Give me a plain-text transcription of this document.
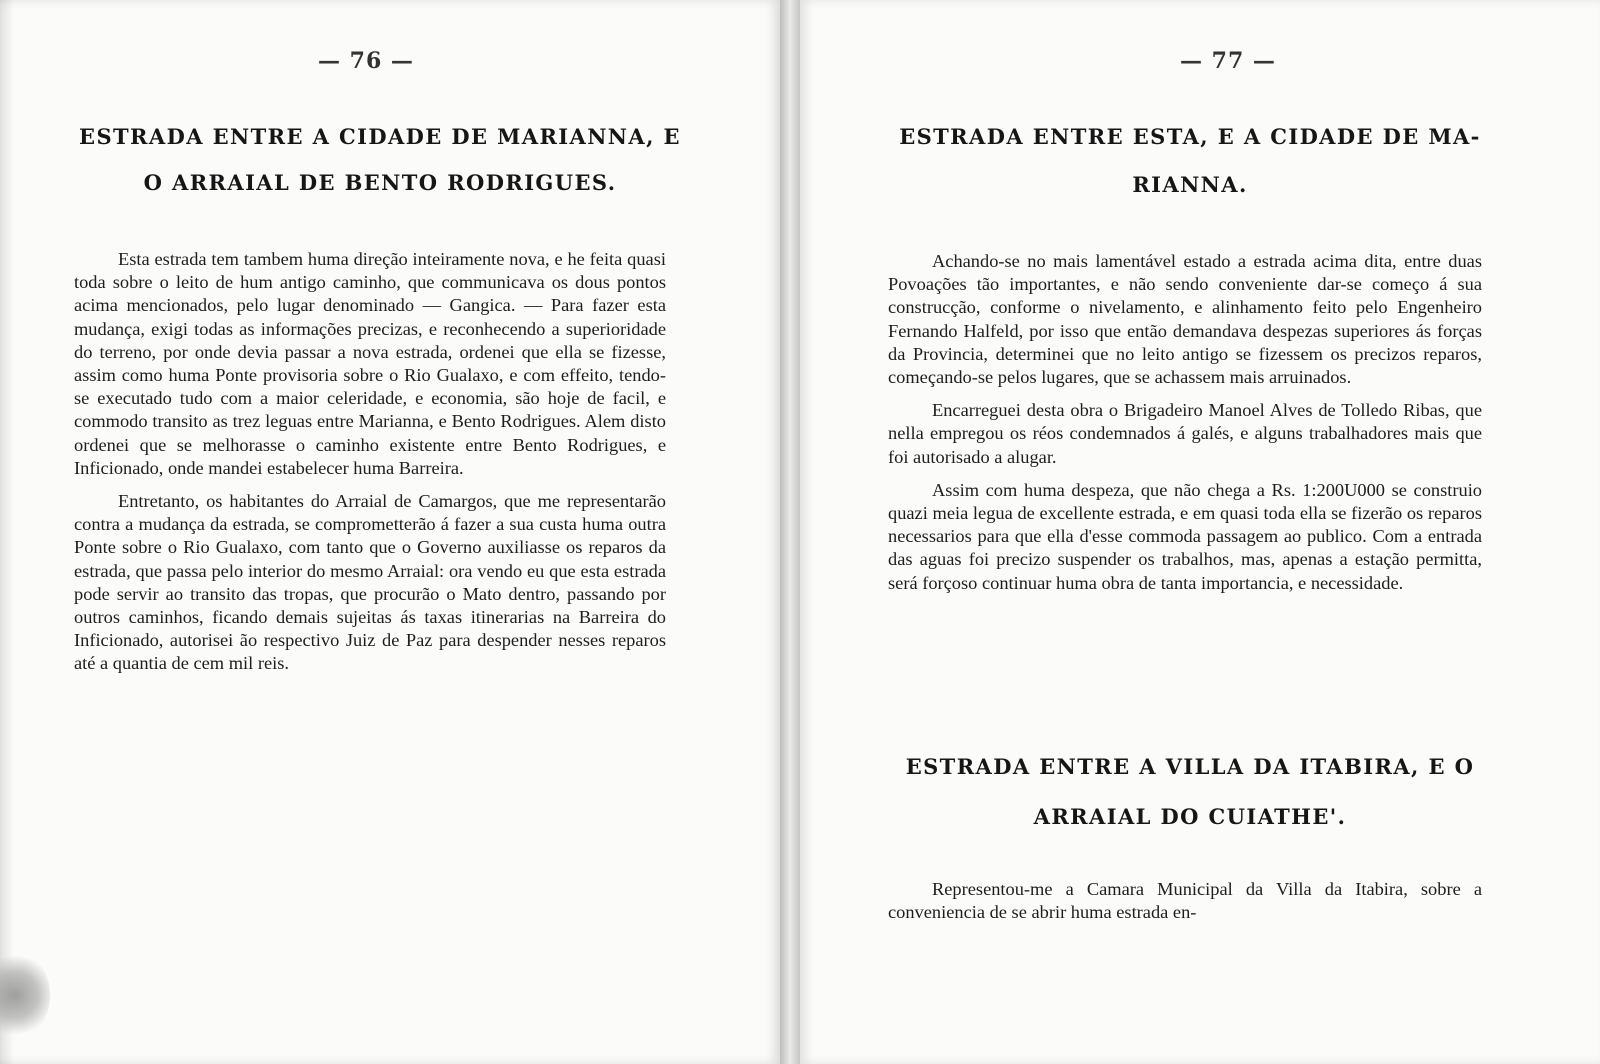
— 76 —
ESTRADA ENTRE A CIDADE DE MARIANNA, E
O ARRAIAL DE BENTO RODRIGUES.

Esta estrada tem tambem huma direção inteiramente nova, e he feita quasi toda sobre o leito de hum antigo caminho, que communicava os dous pontos acima mencionados, pelo lugar denominado — Gangica. — Para fazer esta mudança, exigi todas as informações precizas, e reconhecendo a superioridade do terreno, por onde devia passar a nova estrada, ordenei que ella se fizesse, assim como huma Ponte provisoria sobre o Rio Gualaxo, e com effeito, tendo-se executado tudo com a maior celeridade, e economia, são hoje de facil, e commodo transito as trez leguas entre Marianna, e Bento Rodrigues. Alem disto ordenei que se melhorasse o caminho existente entre Bento Rodrigues, e Inficionado, onde mandei estabelecer huma Barreira.

Entretanto, os habitantes do Arraial de Camargos, que me representarão contra a mudança da estrada, se comprometterão á fazer a sua custa huma outra Ponte sobre o Rio Gualaxo, com tanto que o Governo auxiliasse os reparos da estrada, que passa pelo interior do mesmo Arraial: ora vendo eu que esta estrada pode servir ao transito das tropas, que procurão o Mato dentro, passando por outros caminhos, ficando demais sujeitas ás taxas itinerarias na Barreira do Inficionado, autorisei ão respectivo Juiz de Paz para despender nesses reparos até a quantia de cem mil reis.

— 77 —
ESTRADA ENTRE ESTA, E A CIDADE DE MA-
RIANNA.

Achando-se no mais lamentável estado a estrada acima dita, entre duas Povoações tão importantes, e não sendo conveniente dar-se começo á sua construcção, conforme o nivelamento, e alinhamento feito pelo Engenheiro Fernando Halfeld, por isso que então demandava despezas superiores ás forças da Provincia, determinei que no leito antigo se fizessem os precizos reparos, começando-se pelos lugares, que se achassem mais arruinados.

Encarreguei desta obra o Brigadeiro Manoel Alves de Tolledo Ribas, que nella empregou os réos condemnados á galés, e alguns trabalhadores mais que foi autorisado a alugar.

Assim com huma despeza, que não chega a Rs. 1:200U000 se construio quazi meia legua de excellente estrada, e em quasi toda ella se fizerão os reparos necessarios para que ella d'esse commoda passagem ao publico. Com a entrada das aguas foi precizo suspender os trabalhos, mas, apenas a estação permitta, será forçoso continuar huma obra de tanta importancia, e necessidade.

ESTRADA ENTRE A VILLA DA ITABIRA, E O
ARRAIAL DO CUIATHE'.

Representou-me a Camara Municipal da Villa da Itabira, sobre a conveniencia de se abrir huma estrada en-
